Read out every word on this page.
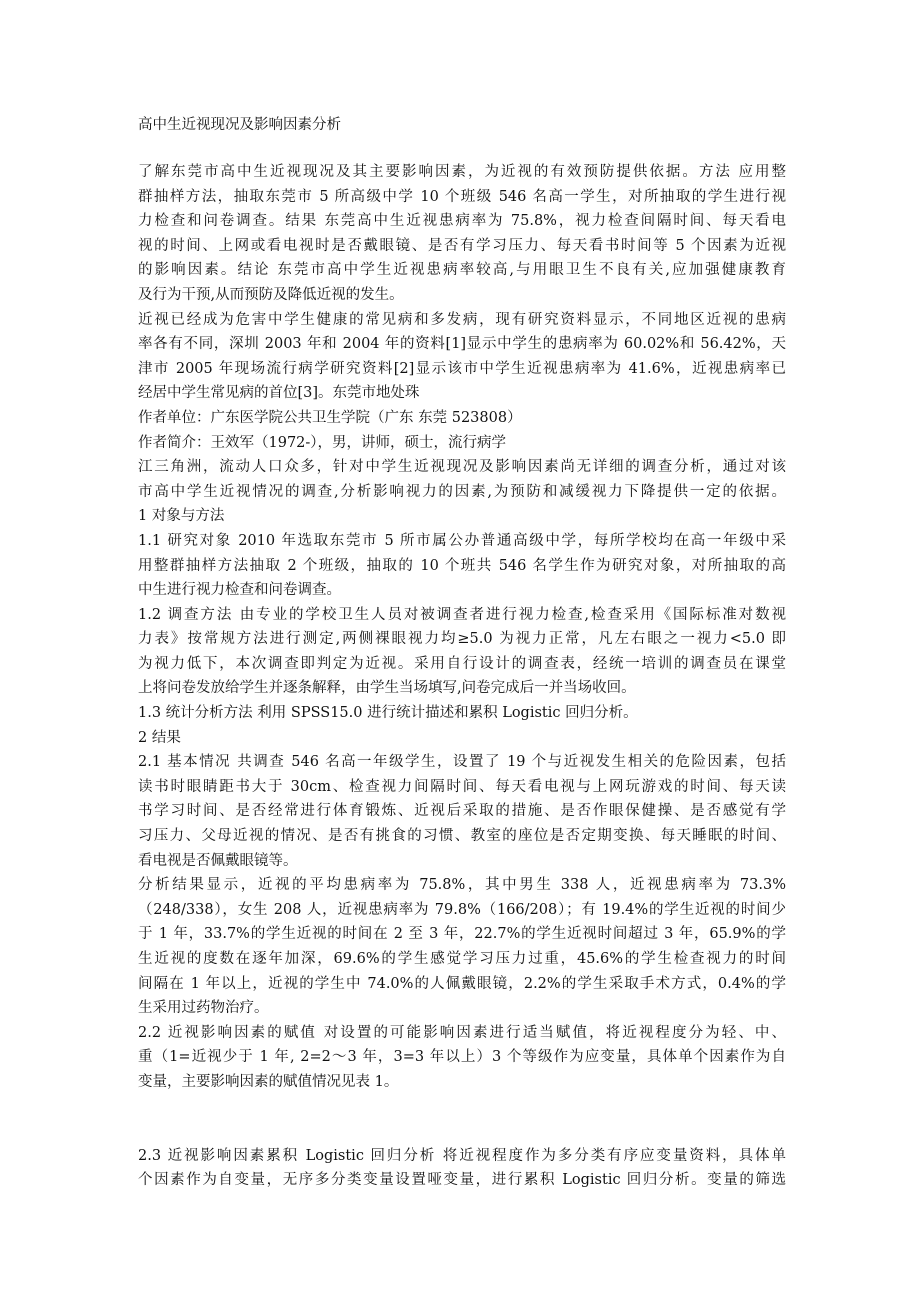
高中生近视现况及影响因素分析
了解东莞市高中生近视现况及其主要影响因素，为近视的有效预防提供依据。方法 应用整
群抽样方法，抽取东莞市 5 所高级中学 10 个班级 546 名高一学生，对所抽取的学生进行视
力检查和问卷调查。结果 东莞高中生近视患病率为 75.8%，视力检查间隔时间、每天看电
视的时间、上网或看电视时是否戴眼镜、是否有学习压力、每天看书时间等 5 个因素为近视
的影响因素。结论 东莞市高中学生近视患病率较高,与用眼卫生不良有关,应加强健康教育
及行为干预,从而预防及降低近视的发生。
近视已经成为危害中学生健康的常见病和多发病，现有研究资料显示，不同地区近视的患病
率各有不同，深圳 2003 年和 2004 年的资料[1]显示中学生的患病率为 60.02%和 56.42%，天
津市 2005 年现场流行病学研究资料[2]显示该市中学生近视患病率为 41.6%，近视患病率已
经居中学生常见病的首位[3]。东莞市地处珠
作者单位：广东医学院公共卫生学院（广东 东莞 523808）
作者简介：王效军（1972-），男，讲师，硕士，流行病学
江三角洲，流动人口众多，针对中学生近视现况及影响因素尚无详细的调查分析，通过对该
市高中学生近视情况的调查,分析影响视力的因素,为预防和减缓视力下降提供一定的依据。
1 对象与方法
1.1 研究对象 2010 年选取东莞市 5 所市属公办普通高级中学，每所学校均在高一年级中采
用整群抽样方法抽取 2 个班级，抽取的 10 个班共 546 名学生作为研究对象，对所抽取的高
中生进行视力检查和问卷调查。
1.2 调查方法 由专业的学校卫生人员对被调查者进行视力检查,检查采用《国际标准对数视
力表》按常规方法进行测定,两侧裸眼视力均≥5.0 为视力正常，凡左右眼之一视力<5.0 即
为视力低下，本次调查即判定为近视。采用自行设计的调查表，经统一培训的调查员在课堂
上将问卷发放给学生并逐条解释，由学生当场填写,问卷完成后一并当场收回。
1.3 统计分析方法 利用 SPSS15.0 进行统计描述和累积 Logistic 回归分析。
2 结果
2.1 基本情况 共调查 546 名高一年级学生，设置了 19 个与近视发生相关的危险因素，包括
读书时眼睛距书大于 30cm、检查视力间隔时间、每天看电视与上网玩游戏的时间、每天读
书学习时间、是否经常进行体育锻炼、近视后采取的措施、是否作眼保健操、是否感觉有学
习压力、父母近视的情况、是否有挑食的习惯、教室的座位是否定期变换、每天睡眠的时间、
看电视是否佩戴眼镜等。
分析结果显示，近视的平均患病率为 75.8%，其中男生 338 人，近视患病率为 73.3%
（248/338），女生 208 人，近视患病率为 79.8%（166/208）；有 19.4%的学生近视的时间少
于 1 年，33.7%的学生近视的时间在 2 至 3 年，22.7%的学生近视时间超过 3 年，65.9%的学
生近视的度数在逐年加深，69.6%的学生感觉学习压力过重，45.6%的学生检查视力的时间
间隔在 1 年以上，近视的学生中 74.0%的人佩戴眼镜，2.2%的学生采取手术方式，0.4%的学
生采用过药物治疗。
2.2 近视影响因素的赋值 对设置的可能影响因素进行适当赋值，将近视程度分为轻、中、
重（1=近视少于 1 年, 2=2～3 年，3=3 年以上）3 个等级作为应变量，具体单个因素作为自
变量，主要影响因素的赋值情况见表 1。
2.3 近视影响因素累积 Logistic 回归分析 将近视程度作为多分类有序应变量资料，具体单
个因素作为自变量，无序多分类变量设置哑变量，进行累积 Logistic 回归分析。变量的筛选
